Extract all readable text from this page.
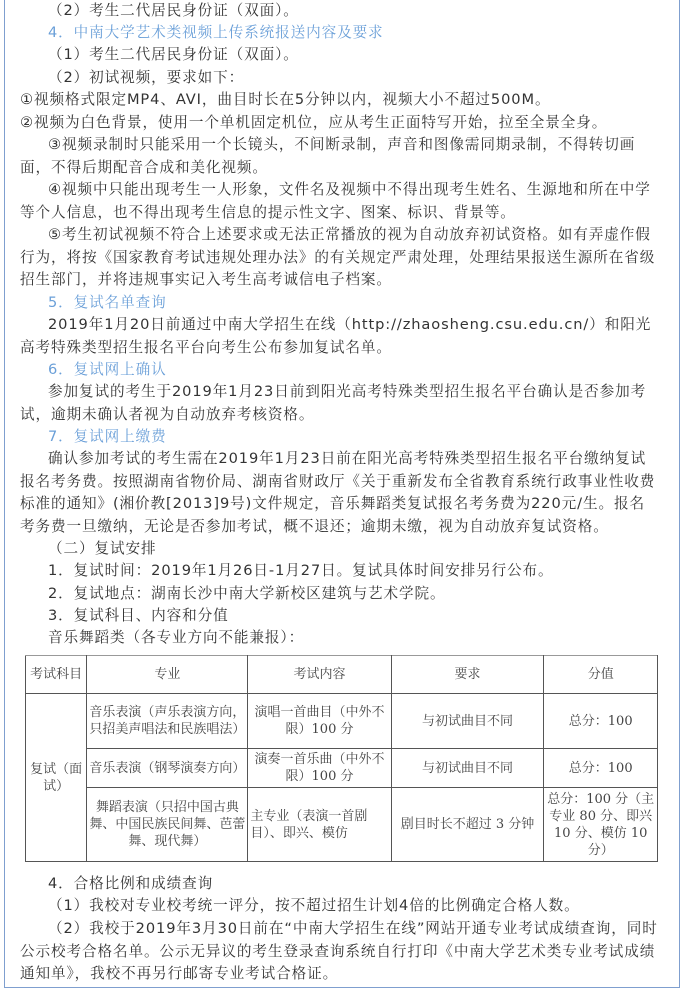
（2）考生二代居民身份证（双面）。
4．中南大学艺术类视频上传系统报送内容及要求
（1）考生二代居民身份证（双面）。
（2）初试视频，要求如下：
①视频格式限定MP4、AVI，曲目时长在5分钟以内，视频大小不超过500M。
②视频为白色背景，使用一个单机固定机位，应从考生正面特写开始，拉至全景全身。
③视频录制时只能采用一个长镜头，不间断录制，声音和图像需同期录制，不得转切画面，不得后期配音合成和美化视频。
④视频中只能出现考生一人形象，文件名及视频中不得出现考生姓名、生源地和所在中学等个人信息，也不得出现考生信息的提示性文字、图案、标识、背景等。
⑤考生初试视频不符合上述要求或无法正常播放的视为自动放弃初试资格。如有弄虚作假行为，将按《国家教育考试违规处理办法》的有关规定严肃处理，处理结果报送生源所在省级招生部门，并将违规事实记入考生高考诚信电子档案。
5．复试名单查询
2019年1月20日前通过中南大学招生在线（http://zhaosheng.csu.edu.cn/）和阳光高考特殊类型招生报名平台向考生公布参加复试名单。
6．复试网上确认
参加复试的考生于2019年1月23日前到阳光高考特殊类型招生报名平台确认是否参加考试，逾期未确认者视为自动放弃考核资格。
7．复试网上缴费
确认参加考试的考生需在2019年1月23日前在阳光高考特殊类型招生报名平台缴纳复试报名考务费。按照湖南省物价局、湖南省财政厅《关于重新发布全省教育系统行政事业性收费标准的通知》(湘价教[2013]9号)文件规定，音乐舞蹈类复试报名考务费为220元/生。报名考务费一旦缴纳，无论是否参加考试，概不退还；逾期未缴，视为自动放弃复试资格。
（二）复试安排
1．复试时间：2019年1月26日-1月27日。复试具体时间安排另行公布。
2．复试地点：湖南长沙中南大学新校区建筑与艺术学院。
3．复试科目、内容和分值
音乐舞蹈类（各专业方向不能兼报）：
考试科目	专业	考试内容	要求	分值
复试（面试）	音乐表演（声乐表演方向，只招美声唱法和民族唱法）	演唱一首曲目（中外不限）100 分	与初试曲目不同	总分：100
	音乐表演（钢琴演奏方向）	演奏一首乐曲（中外不限）100 分	与初试曲目不同	总分：100
	舞蹈表演（只招中国古典舞、中国民族民间舞、芭蕾舞、现代舞）	主专业（表演一首剧目）、即兴、模仿	剧目时长不超过 3 分钟	总分：100 分（主专业 80 分、即兴 10 分、模仿 10 分）
4．合格比例和成绩查询
（1）我校对专业校考统一评分，按不超过招生计划4倍的比例确定合格人数。
（2）我校于2019年3月30日前在“中南大学招生在线”网站开通专业考试成绩查询，同时公示校考合格名单。公示无异议的考生登录查询系统自行打印《中南大学艺术类专业考试成绩通知单》，我校不再另行邮寄专业考试合格证。
